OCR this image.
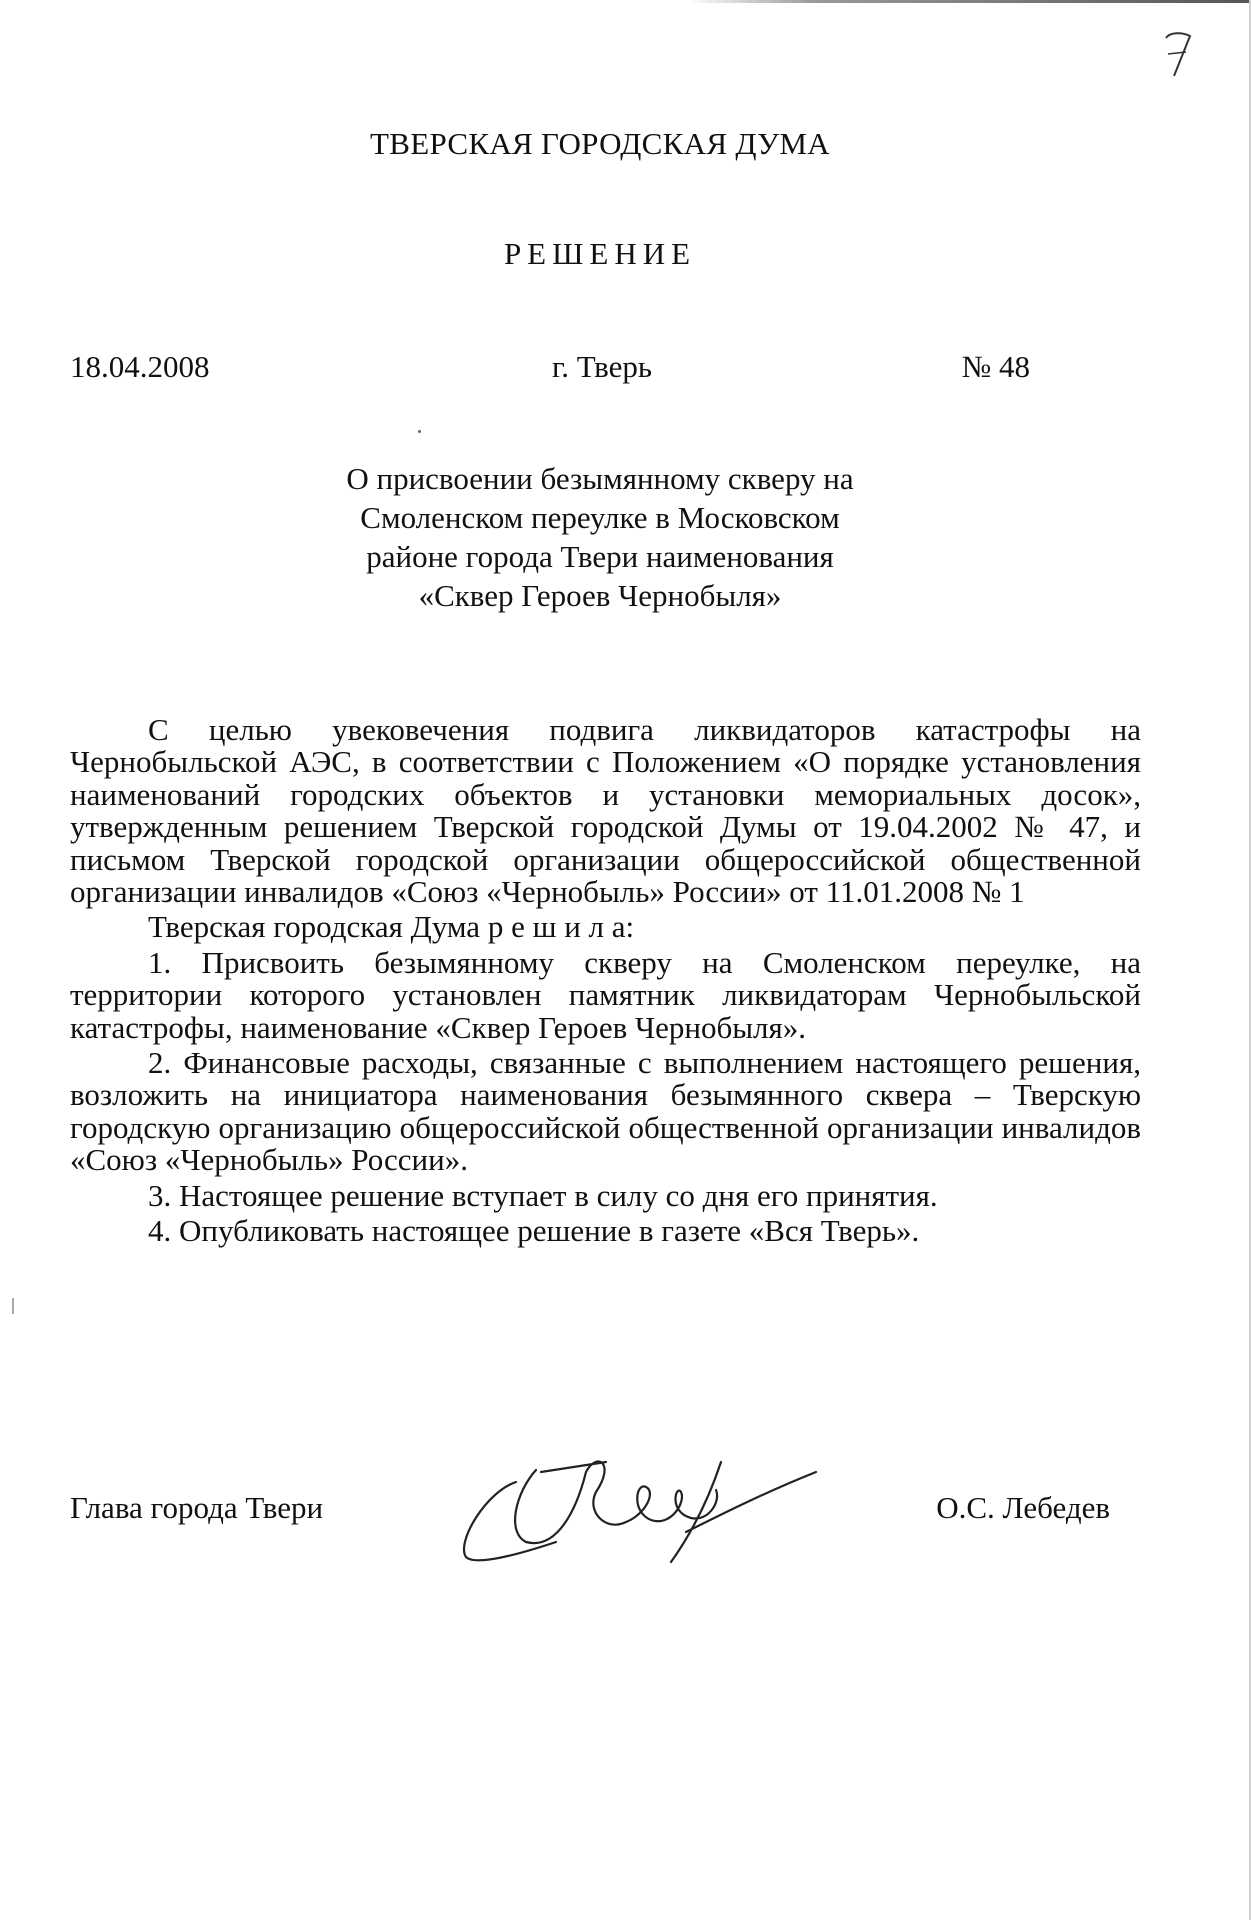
ТВЕРСКАЯ ГОРОДСКАЯ ДУМА
РЕШЕНИЕ
18.04.2008	г. Тверь	№ 48
О присвоении безымянному скверу на
Смоленском переулке в Московском
районе города Твери наименования
«Сквер Героев Чернобыля»

С целью увековечения подвига ликвидаторов катастрофы на Чернобыльской АЭС, в соответствии с Положением «О порядке установления наименований городских объектов и установки мемориальных досок», утвержденным решением Тверской городской Думы от 19.04.2002 № 47, и письмом Тверской городской организации общероссийской общественной организации инвалидов «Союз «Чернобыль» России» от 11.01.2008 № 1

Тверская городская Дума р е ш и л а:

1. Присвоить безымянному скверу на Смоленском переулке, на территории которого установлен памятник ликвидаторам Чернобыльской катастрофы, наименование «Сквер Героев Чернобыля».

2. Финансовые расходы, связанные с выполнением настоящего решения, возложить на инициатора наименования безымянного сквера – Тверскую городскую организацию общероссийской общественной организации инвалидов «Союз «Чернобыль» России».

3. Настоящее решение вступает в силу со дня его принятия.

4. Опубликовать настоящее решение в газете «Вся Тверь».

Глава города Твери	О.С. Лебедев
